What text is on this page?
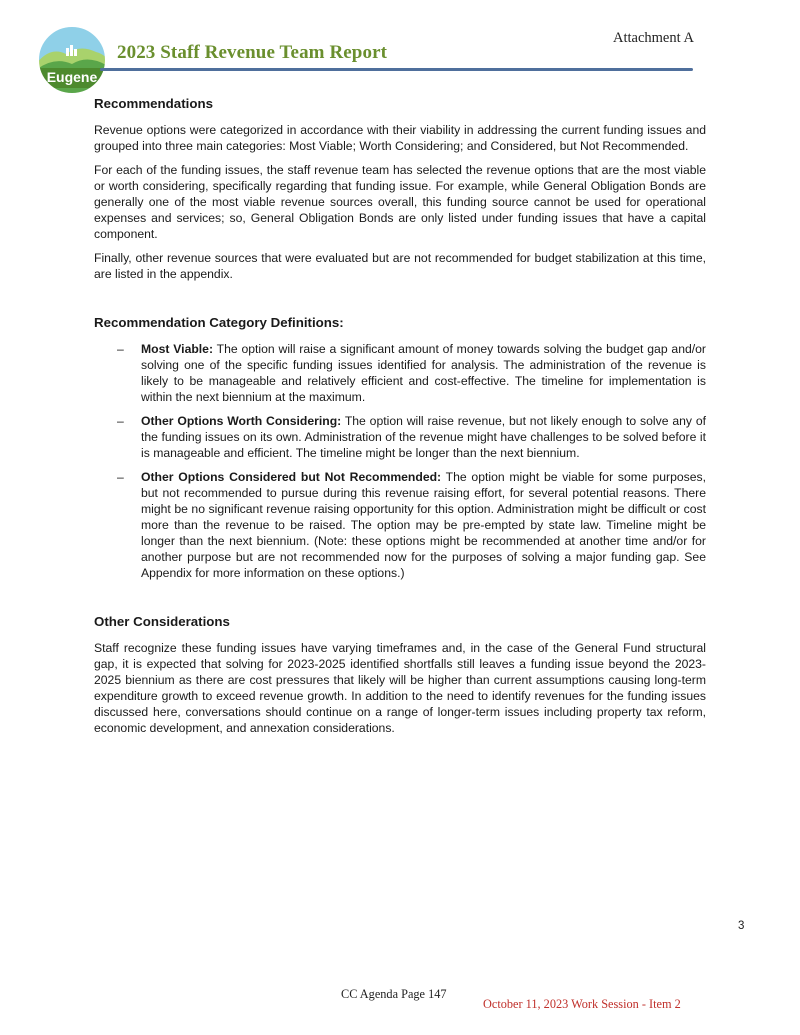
Eugene
2023 Staff Revenue Team Report
Attachment A
Recommendations

Revenue options were categorized in accordance with their viability in addressing the current funding issues and grouped into three main categories: Most Viable; Worth Considering; and Considered, but Not Recommended.

For each of the funding issues, the staff revenue team has selected the revenue options that are the most viable or worth considering, specifically regarding that funding issue. For example, while General Obligation Bonds are generally one of the most viable revenue sources overall, this funding source cannot be used for operational expenses and services; so, General Obligation Bonds are only listed under funding issues that have a capital component.

Finally, other revenue sources that were evaluated but are not recommended for budget stabilization at this time, are listed in the appendix.

Recommendation Category Definitions:
– Most Viable: The option will raise a significant amount of money towards solving the budget gap and/or solving one of the specific funding issues identified for analysis. The administration of the revenue is likely to be manageable and relatively efficient and cost-effective. The timeline for implementation is within the next biennium at the maximum.
– Other Options Worth Considering: The option will raise revenue, but not likely enough to solve any of the funding issues on its own. Administration of the revenue might have challenges to be solved before it is manageable and efficient. The timeline might be longer than the next biennium.
– Other Options Considered but Not Recommended: The option might be viable for some purposes, but not recommended to pursue during this revenue raising effort, for several potential reasons. There might be no significant revenue raising opportunity for this option. Administration might be difficult or cost more than the revenue to be raised. The option may be pre-empted by state law. Timeline might be longer than the next biennium. (Note: these options might be recommended at another time and/or for another purpose but are not recommended now for the purposes of solving a major funding gap. See Appendix for more information on these options.)
Other Considerations

Staff recognize these funding issues have varying timeframes and, in the case of the General Fund structural gap, it is expected that solving for 2023-2025 identified shortfalls still leaves a funding issue beyond the 2023-2025 biennium as there are cost pressures that likely will be higher than current assumptions causing long-term expenditure growth to exceed revenue growth. In addition to the need to identify revenues for the funding issues discussed here, conversations should continue on a range of longer-term issues including property tax reform, economic development, and annexation considerations.

3
CC Agenda Page 147
October 11, 2023 Work Session - Item 2
